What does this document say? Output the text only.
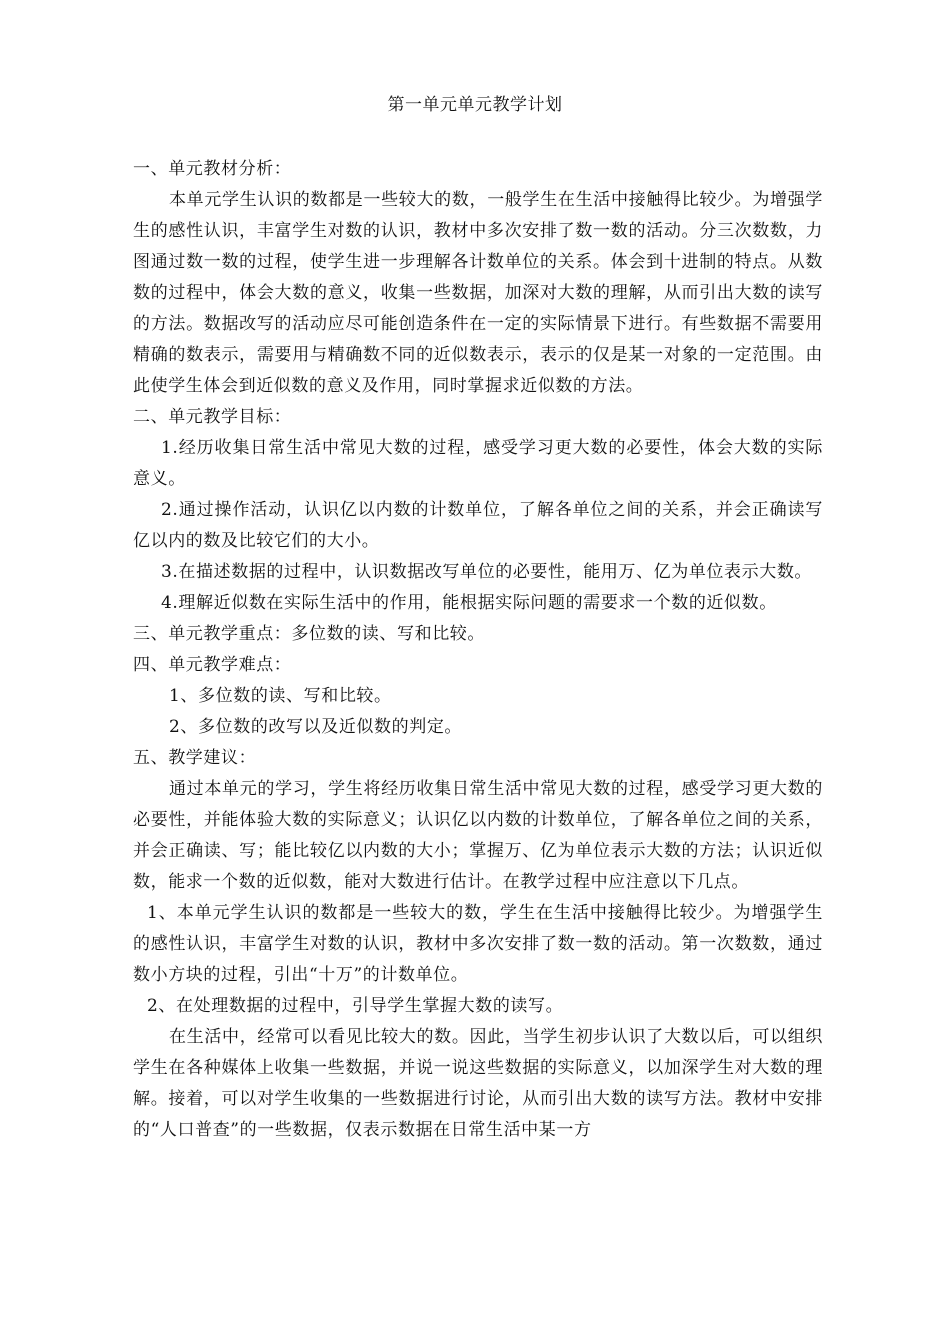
第一单元单元教学计划

一、单元教材分析：

本单元学生认识的数都是一些较大的数，一般学生在生活中接触得比较少。为增强学生的感性认识，丰富学生对数的认识，教材中多次安排了数一数的活动。分三次数数，力图通过数一数的过程，使学生进一步理解各计数单位的关系。体会到十进制的特点。从数数的过程中，体会大数的意义，收集一些数据，加深对大数的理解，从而引出大数的读写的方法。数据改写的活动应尽可能创造条件在一定的实际情景下进行。有些数据不需要用精确的数表示，需要用与精确数不同的近似数表示，表示的仅是某一对象的一定范围。由此使学生体会到近似数的意义及作用，同时掌握求近似数的方法。

二、单元教学目标：

1.经历收集日常生活中常见大数的过程，感受学习更大数的必要性，体会大数的实际意义。

2.通过操作活动，认识亿以内数的计数单位，了解各单位之间的关系，并会正确读写亿以内的数及比较它们的大小。

3.在描述数据的过程中，认识数据改写单位的必要性，能用万、亿为单位表示大数。

4.理解近似数在实际生活中的作用，能根据实际问题的需要求一个数的近似数。

三、单元教学重点：多位数的读、写和比较。

四、单元教学难点：

1、多位数的读、写和比较。

2、多位数的改写以及近似数的判定。

五、教学建议：

通过本单元的学习，学生将经历收集日常生活中常见大数的过程，感受学习更大数的必要性，并能体验大数的实际意义；认识亿以内数的计数单位，了解各单位之间的关系，并会正确读、写；能比较亿以内数的大小；掌握万、亿为单位表示大数的方法；认识近似数，能求一个数的近似数，能对大数进行估计。在教学过程中应注意以下几点。

1、本单元学生认识的数都是一些较大的数，学生在生活中接触得比较少。为增强学生的感性认识，丰富学生对数的认识，教材中多次安排了数一数的活动。第一次数数，通过数小方块的过程，引出“十万”的计数单位。

2、在处理数据的过程中，引导学生掌握大数的读写。

在生活中，经常可以看见比较大的数。因此，当学生初步认识了大数以后，可以组织学生在各种媒体上收集一些数据，并说一说这些数据的实际意义，以加深学生对大数的理解。接着，可以对学生收集的一些数据进行讨论，从而引出大数的读写方法。教材中安排的“人口普查”的一些数据，仅表示数据在日常生活中某一方
